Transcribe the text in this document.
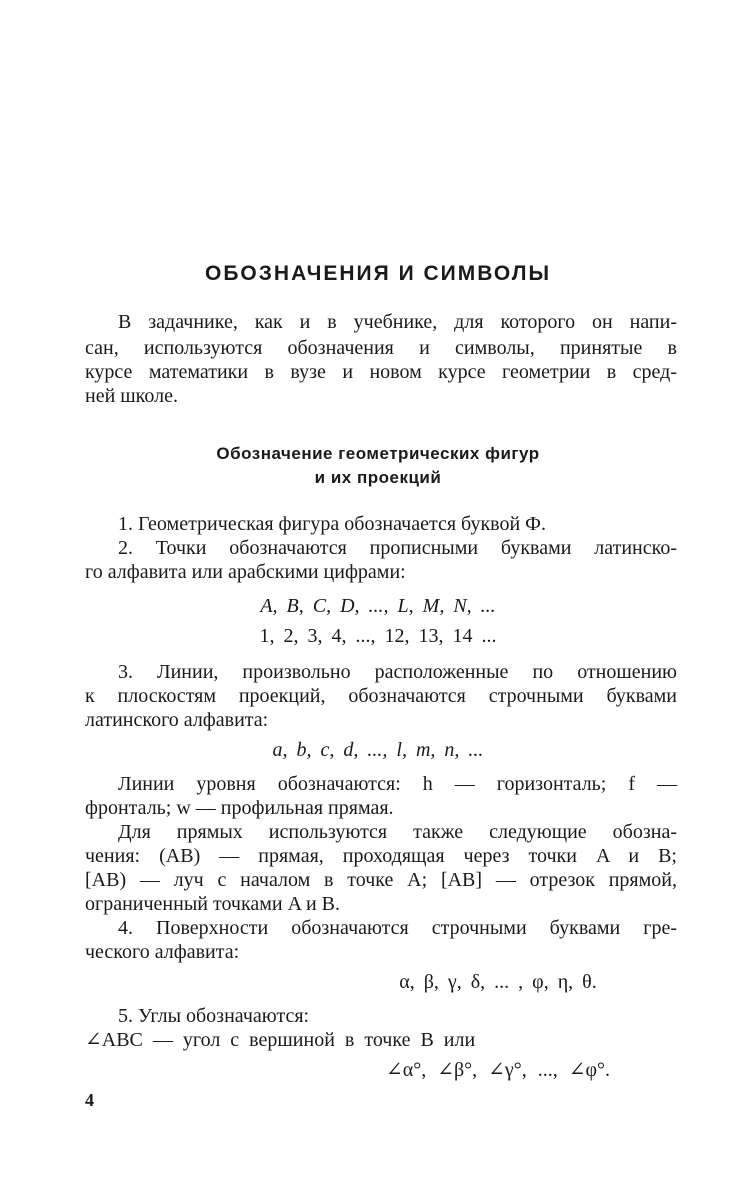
ОБОЗНАЧЕНИЯ И СИМВОЛЫ
В задачнике, как и в учебнике, для которого он напи-
сан, используются обозначения и символы, принятые в
курсе математики в вузе и новом курсе геометрии в сред-
ней школе.
Обозначение геометрических фигур
и их проекций
1. Геометрическая фигура обозначается буквой Ф.
2. Точки обозначаются прописными буквами латинско-
го алфавита или арабскими цифрами:
A, B, C, D, ..., L, M, N, ...
1, 2, 3, 4, ..., 12, 13, 14 ...
3. Линии, произвольно расположенные по отношению
к плоскостям проекций, обозначаются строчными буквами
латинского алфавита:
a, b, c, d, ..., l, m, n, ...
Линии уровня обозначаются: h — горизонталь; f —
фронталь; w — профильная прямая.
Для прямых используются также следующие обозна-
чения: (AB) — прямая, проходящая через точки A и B;
[AB) — луч с началом в точке A; [AB] — отрезок прямой,
ограниченный точками A и B.
4. Поверхности обозначаются строчными буквами гре-
ческого алфавита:
α, β, γ, δ, ... , φ, η, θ.
5. Углы обозначаются:
∠ABC — угол с вершиной в точке B или
∠α°, ∠β°, ∠γ°, ..., ∠φ°.
4
